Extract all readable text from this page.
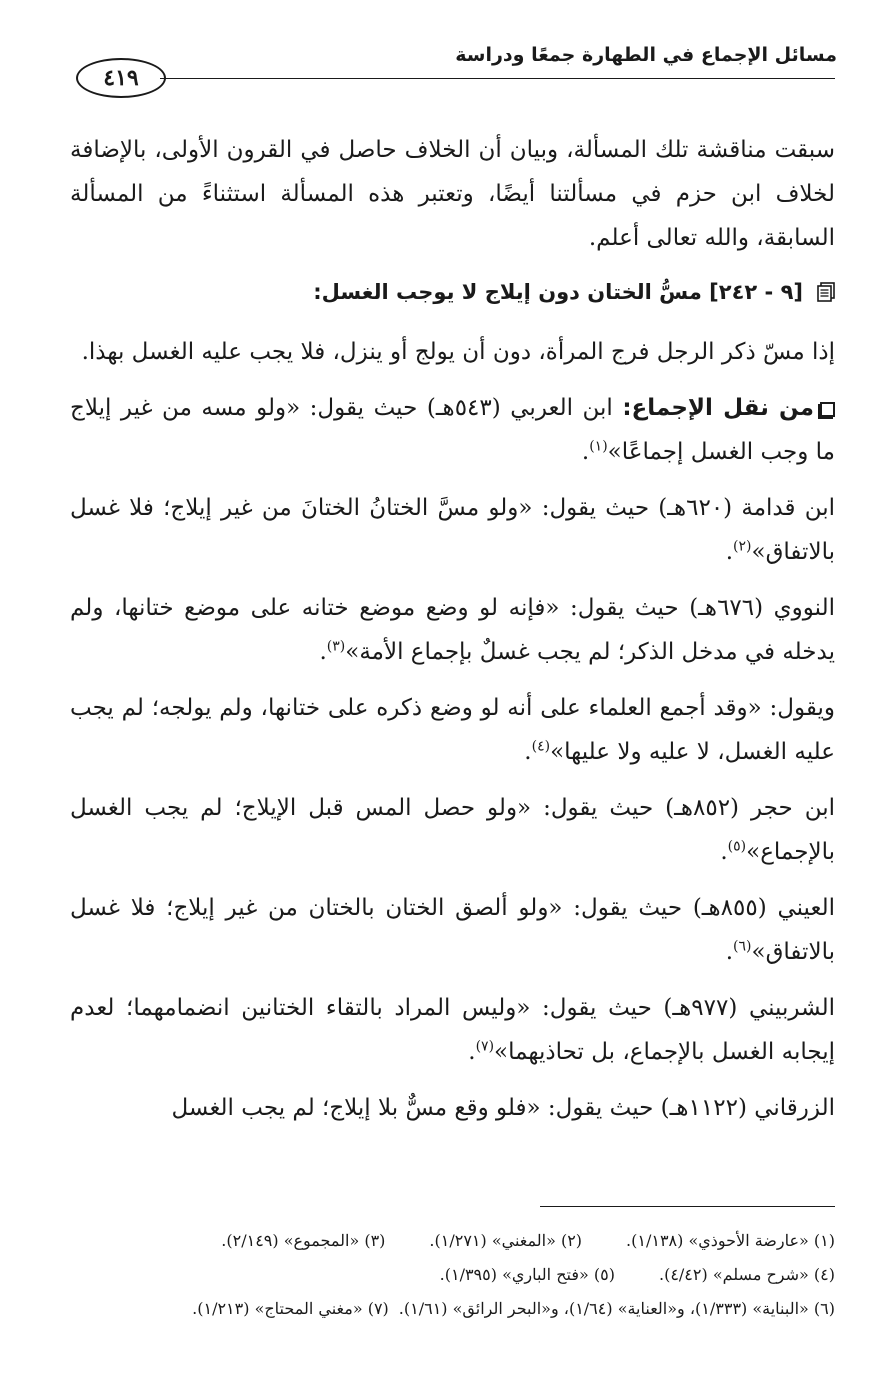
مسائل الإجماع في الطهارة جمعًا ودراسة
٤١٩

سبقت مناقشة تلك المسألة، وبيان أن الخلاف حاصل في القرون الأولى، بالإضافة لخلاف ابن حزم في مسألتنا أيضًا، وتعتبر هذه المسألة استثناءً من المسألة السابقة، والله تعالى أعلم.

[٩ - ٢٤٢] مسُّ الختان دون إيلاج لا يوجب الغسل:

إذا مسّ ذكر الرجل فرج المرأة، دون أن يولج أو ينزل، فلا يجب عليه الغسل بهذا.

من نقل الإجماع: ابن العربي (٥٤٣هـ) حيث يقول: «ولو مسه من غير إيلاج ما وجب الغسل إجماعًا»$^{(١)}$.

ابن قدامة (٦٢٠هـ) حيث يقول: «ولو مسَّ الختانُ الختانَ من غير إيلاج؛ فلا غسل بالاتفاق»$^{(٢)}$.

النووي (٦٧٦هـ) حيث يقول: «فإنه لو وضع موضع ختانه على موضع ختانها، ولم يدخله في مدخل الذكر؛ لم يجب غسلٌ بإجماع الأمة»$^{(٣)}$.

ويقول: «وقد أجمع العلماء على أنه لو وضع ذكره على ختانها، ولم يولجه؛ لم يجب عليه الغسل، لا عليه ولا عليها»$^{(٤)}$.

ابن حجر (٨٥٢هـ) حيث يقول: «ولو حصل المس قبل الإيلاج؛ لم يجب الغسل بالإجماع»$^{(٥)}$.

العيني (٨٥٥هـ) حيث يقول: «ولو ألصق الختان بالختان من غير إيلاج؛ فلا غسل بالاتفاق»$^{(٦)}$.

الشربيني (٩٧٧هـ) حيث يقول: «وليس المراد بالتقاء الختانين انضمامهما؛ لعدم إيجابه الغسل بالإجماع، بل تحاذيهما»$^{(٧)}$.

الزرقاني (١١٢٢هـ) حيث يقول: «فلو وقع مسٌّ بلا إيلاج؛ لم يجب الغسل

(١) «عارضة الأحوذي» (١/١٣٨).
(٢) «المغني» (١/٢٧١).
(٣) «المجموع» (٢/١٤٩).
(٤) «شرح مسلم» (٤/٤٢).
(٥) «فتح الباري» (١/٣٩٥).
(٦) «البناية» (١/٣٣٣)، و«العناية» (١/٦٤)، و«البحر الرائق» (١/٦١).
(٧) «مغني المحتاج» (١/٢١٣).
